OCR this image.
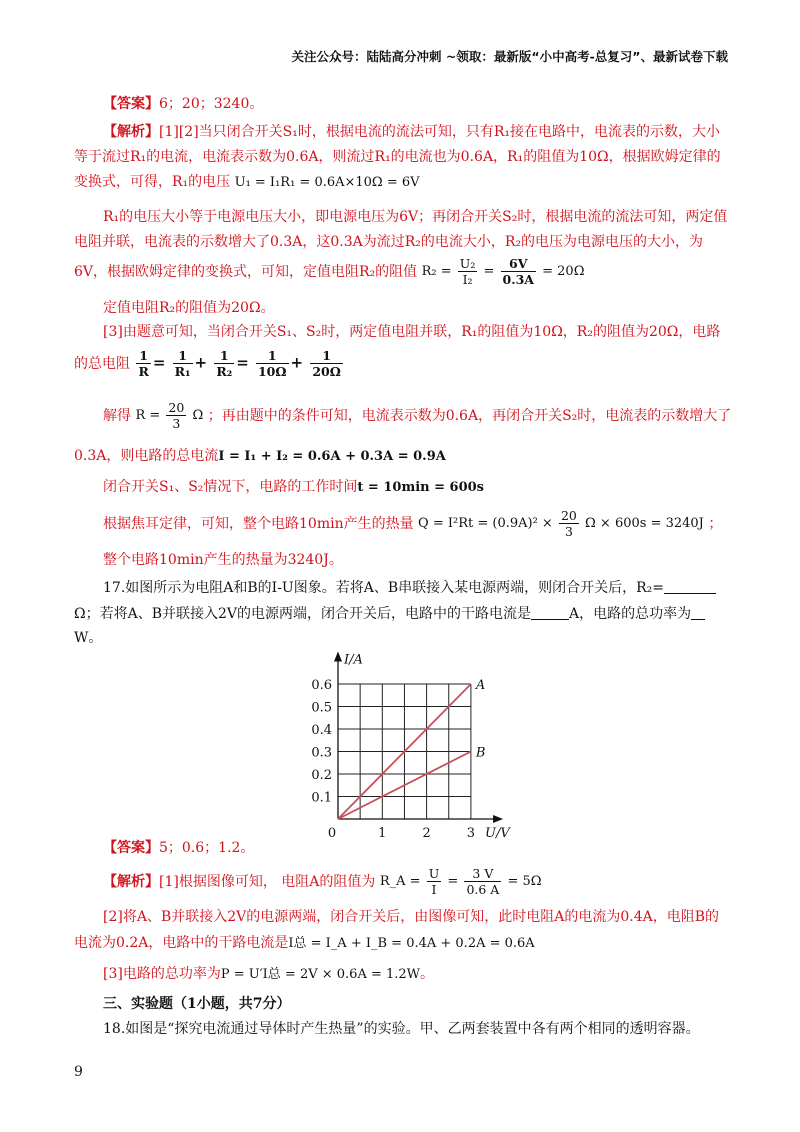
关注公众号：陆陆高分冲刺 ~领取：最新版“小中高考-总复习”、最新试卷下载
【答案】6；20；3240。
【解析】[1][2]当只闭合开关S₁时，根据电流的流法可知，只有R₁接在电路中，电流表的示数，大小
等于流过R₁的电流，电流表示数为0.6A，则流过R₁的电流也为0.6A，R₁的阻值为10Ω，根据欧姆定律的
变换式，可得，R₁的电压 U₁ = I₁R₁ = 0.6A×10Ω = 6V
R₁的电压大小等于电源电压大小，即电源电压为6V；再闭合开关S₂时，根据电流的流法可知，两定值
电阻并联，电流表的示数增大了0.3A，这0.3A为流过R₂的电流大小，R₂的电压为电源电压的大小，为
6V，根据欧姆定律的变换式，可知，定值电阻R₂的阻值 $R_2 = \frac{\text{U₂}}{\text{I₂}} = \frac{6V}{0.3A} = 20\Omega$
定值电阻R₂的阻值为20Ω。
[3]由题意可知，当闭合开关S₁、S₂时，两定值电阻并联，R₁的阻值为10Ω，R₂的阻值为20Ω，电路
的总电阻 $\frac{1}{R} = \frac{1}{\text{R₁}} + \frac{1}{\text{R₂}} = \frac{1}{10\Omega} + \frac{1}{20\Omega}$
解得 $R = \frac{20}{3}$ Ω ；再由题中的条件可知，电流表示数为0.6A，再闭合开关S₂时，电流表的示数增大了
0.3A，则电路的总电流I = I₁ + I₂ = 0.6A + 0.3A = 0.9A
闭合开关S₁、S₂情况下，电路的工作时间t = 10min = 600s
根据焦耳定律，可知，整个电路10min产生的热量 $Q = I^2Rt = (0.9A)^2 \times \frac{20}{3}$ Ω × 600s = 3240J ；
整个电路10min产生的热量为3240J。
17.如图所示为电阻A和B的I-U图象。若将A、B串联接入某电源两端，则闭合开关后，R₂=
Ω；若将A、B并联接入2V的电源两端，闭合开关后，电路中的干路电流是	A，电路的总功率为
W。
A
B
0.1
0.2
0.3
0.4
0.5
0.6
0	1	2	3
I/A
U/V
【答案】5；0.6；1.2。
【解析】[1]根据图像可知， 电阻A的阻值为 R_A = $\frac{U}{I} = \frac{3 V}{0.6 A} = 5\Omega$
[2]将A、B并联接入2V的电源两端，闭合开关后，由图像可知，此时电阻A的电流为0.4A，电阻B的
电流为0.2A，电路中的干路电流是I总 = I_A + I_B = 0.4A + 0.2A = 0.6A
[3]电路的总功率为P = U′I总 = 2V × 0.6A = 1.2W。
三、实验题（1小题，共7分）
18.如图是“探究电流通过导体时产生热量”的实验。甲、乙两套装置中各有两个相同的透明容器。
9
